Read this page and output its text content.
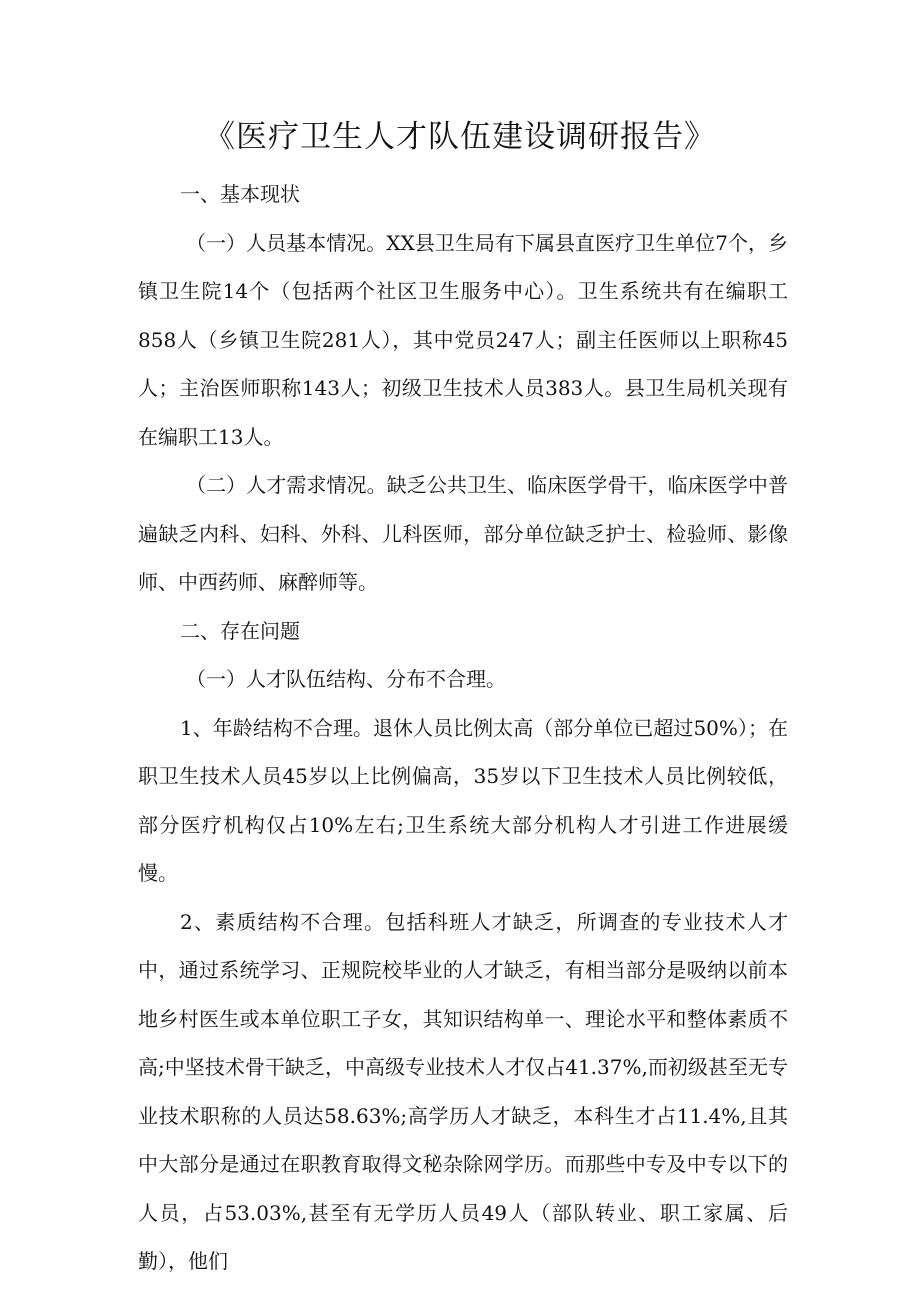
《医疗卫生人才队伍建设调研报告》

一、基本现状

（一）人员基本情况。XX县卫生局有下属县直医疗卫生单位7个，乡镇卫生院14个（包括两个社区卫生服务中心）。卫生系统共有在编职工858人（乡镇卫生院281人），其中党员247人；副主任医师以上职称45人；主治医师职称143人；初级卫生技术人员383人。县卫生局机关现有在编职工13人。

（二）人才需求情况。缺乏公共卫生、临床医学骨干，临床医学中普遍缺乏内科、妇科、外科、儿科医师，部分单位缺乏护士、检验师、影像师、中西药师、麻醉师等。

二、存在问题

（一）人才队伍结构、分布不合理。

1、年龄结构不合理。退休人员比例太高（部分单位已超过50%）；在职卫生技术人员45岁以上比例偏高，35岁以下卫生技术人员比例较低，部分医疗机构仅占10%左右;卫生系统大部分机构人才引进工作进展缓慢。

2、素质结构不合理。包括科班人才缺乏，所调查的专业技术人才中，通过系统学习、正规院校毕业的人才缺乏，有相当部分是吸纳以前本地乡村医生或本单位职工子女，其知识结构单一、理论水平和整体素质不高;中坚技术骨干缺乏，中高级专业技术人才仅占41.37%,而初级甚至无专业技术职称的人员达58.63%;高学历人才缺乏，本科生才占11.4%,且其中大部分是通过在职教育取得文秘杂除网学历。而那些中专及中专以下的人员，占53.03%,甚至有无学历人员49人（部队转业、职工家属、后勤），他们
